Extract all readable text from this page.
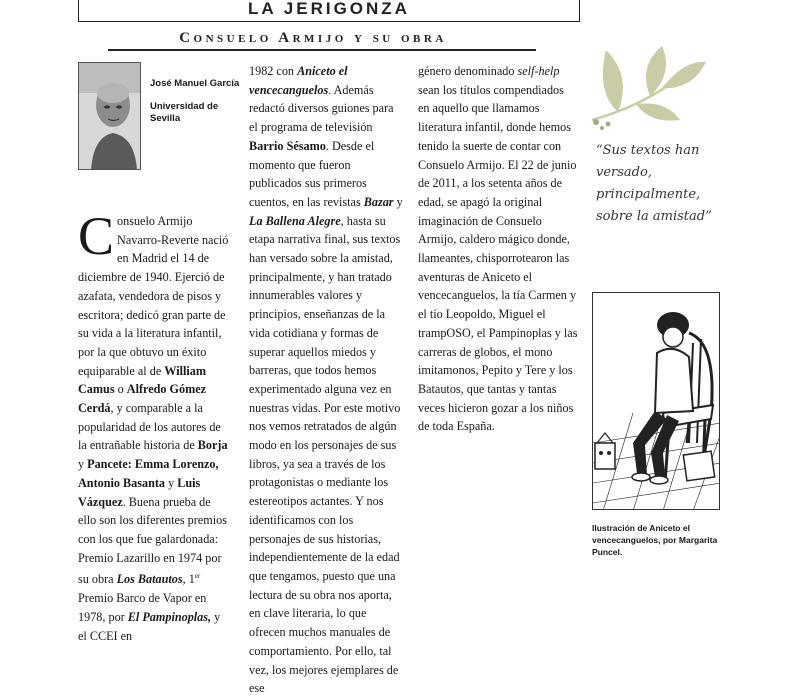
LA JERIGONZA
Consuelo Armijo y su obra
José Manuel García
Universidad de Sevilla

Consuelo Armijo Navarro-Reverte nació en Madrid el 14 de diciembre de 1940. Ejerció de azafata, vendedora de pisos y escritora; dedicó gran parte de su vida a la literatura infantil, por la que obtuvo un éxito equiparable al de William Camus o Alfredo Gómez Cerdá, y comparable a la popularidad de los autores de la entrañable historia de Borja y Pancete: Emma Lorenzo, Antonio Basanta y Luis Vázquez. Buena prueba de ello son los diferentes premios con los que fue galardonada: Premio Lazarillo en 1974 por su obra Los Batautos, 1er Premio Barco de Vapor en 1978, por El Pampinoplas, y el CCEI en

1982 con Aniceto el vencecanguelos. Además redactó diversos guiones para el programa de televisión Barrio Sésamo. Desde el momento que fueron publicados sus primeros cuentos, en las revistas Bazar y La Ballena Alegre, hasta su etapa narrativa final, sus textos han versado sobre la amistad, principalmente, y han tratado innumerables valores y principios, enseñanzas de la vida cotidiana y formas de superar aquellos miedos y barreras, que todos hemos experimentado alguna vez en nuestras vidas. Por este motivo nos vemos retratados de algún modo en los personajes de sus libros, ya sea a través de los protagonistas o mediante los estereotipos actantes. Y nos identificamos con los personajes de sus historias, independientemente de la edad que tengamos, puesto que una lectura de su obra nos aporta, en clave literaria, lo que ofrecen muchos manuales de comportamiento. Por ello, tal vez, los mejores ejemplares de ese

género denominado self-help sean los títulos compendiados en aquello que llamamos literatura infantil, donde hemos tenido la suerte de contar con Consuelo Armijo. El 22 de junio de 2011, a los setenta años de edad, se apagó la original imaginación de Consuelo Armijo, caldero mágico donde, llameantes, chisporrotearon las aventuras de Aniceto el vencecanguelos, la tía Carmen y el tío Leopoldo, Miguel el trampOSO, el Pampinoplas y las carreras de globos, el mono imitamonos, Pepito y Tere y los Batautos, que tantas y tantas veces hicieron gozar a los niños de toda España.

“Sus textos han versado, principalmente, sobre la amistad”
Ilustración de Aniceto el vencecanguelos, por Margarita Puncel.
